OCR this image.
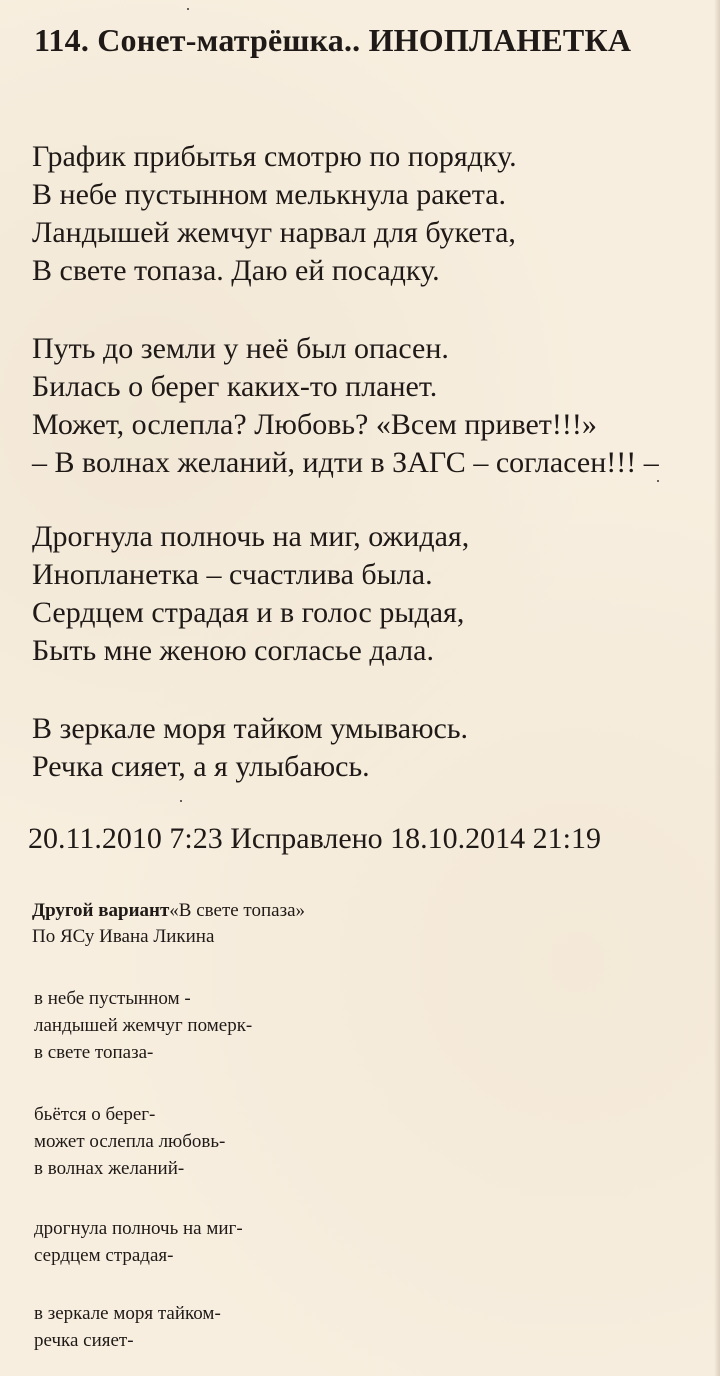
114. Сонет-матрёшка.. ИНОПЛАНЕТКА
График прибытья смотрю по порядку.
В небе пустынном мелькнула ракета.
Ландышей жемчуг нарвал для букета,
В свете топаза. Даю ей посадку.
Путь до земли у неё был опасен.
Билась о берег каких-то планет.
Может, ослепла? Любовь? «Всем привет!!!»
– В волнах желаний, идти в ЗАГС – согласен!!! –
Дрогнула полночь на миг, ожидая,
Инопланетка – счастлива была.
Сердцем страдая и в голос рыдая,
Быть мне женою согласье дала.
В зеркале моря тайком умываюсь.
Речка сияет, а я улыбаюсь.
20.11.2010 7:23 Исправлено 18.10.2014 21:19
Другой вариант«В свете топаза»
По ЯСу Ивана Ликина
в небе пустынном -
ландышей жемчуг померк-
в свете топаза-
бьётся о берег-
может ослепла любовь-
в волнах желаний-
дрогнула полночь на миг-
сердцем страдая-
в зеркале моря тайком-
речка сияет-
